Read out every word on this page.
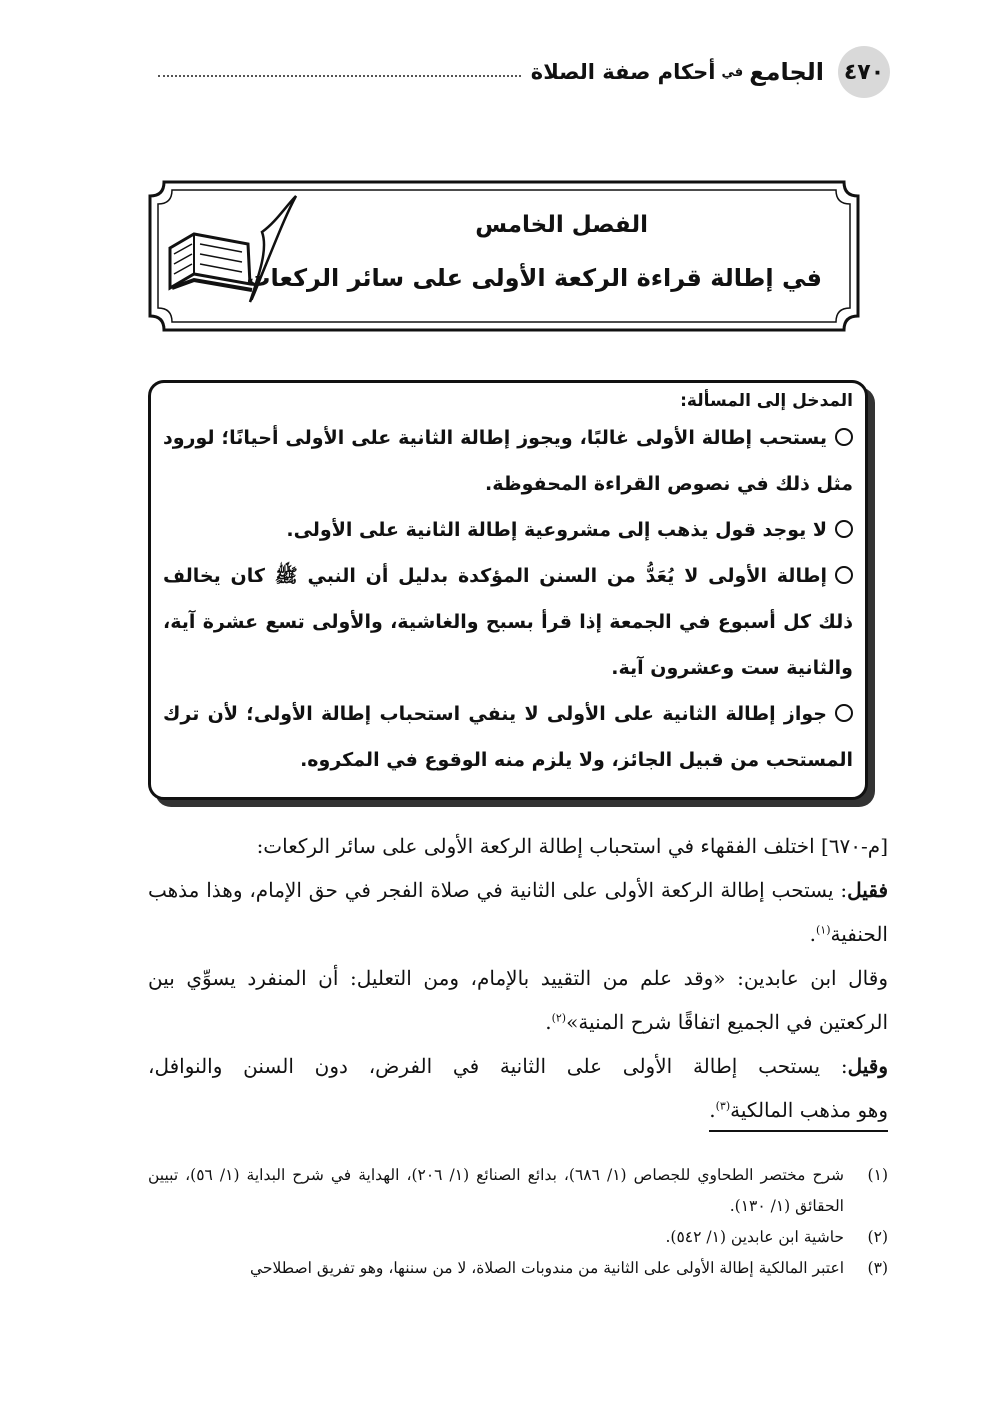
٤٧٠
الجامع
في
أحكام صفة الصلاة
الفصل الخامس
في إطالة قراءة الركعة الأولى على سائر الركعات
المدخل إلى المسألة:

يستحب إطالة الأولى غالبًا، ويجوز إطالة الثانية على الأولى أحيانًا؛ لورود مثل ذلك في نصوص القراءة المحفوظة.

لا يوجد قول يذهب إلى مشروعية إطالة الثانية على الأولى.

إطالة الأولى لا يُعَدُّ من السنن المؤكدة بدليل أن النبي ﷺ كان يخالف ذلك كل أسبوع في الجمعة إذا قرأ بسبح والغاشية، والأولى تسع عشرة آية، والثانية ست وعشرون آية.

جواز إطالة الثانية على الأولى لا ينفي استحباب إطالة الأولى؛ لأن ترك المستحب من قبيل الجائز، ولا يلزم منه الوقوع في المكروه.

[م-٦٧٠] اختلف الفقهاء في استحباب إطالة الركعة الأولى على سائر الركعات:

فقيل: يستحب إطالة الركعة الأولى على الثانية في صلاة الفجر في حق الإمام، وهذا مذهب الحنفية$^{(١)}$.

وقال ابن عابدين: «وقد علم من التقييد بالإمام، ومن التعليل: أن المنفرد يسوِّي بين الركعتين في الجميع اتفاقًا شرح المنية»$^{(٢)}$.

وقيل: يستحب إطالة الأولى على الثانية في الفرض، دون السنن والنوافل، وهو مذهب المالكية$^{(٣)}$.

(١)
شرح مختصر الطحاوي للجصاص (١/ ٦٨٦)، بدائع الصنائع (١/ ٢٠٦)، الهداية في شرح البداية (١/ ٥٦)، تبيين الحقائق (١/ ١٣٠).
(٢)
حاشية ابن عابدين (١/ ٥٤٢).
(٣)
اعتبر المالكية إطالة الأولى على الثانية من مندوبات الصلاة، لا من سننها، وهو تفريق اصطلاحي
